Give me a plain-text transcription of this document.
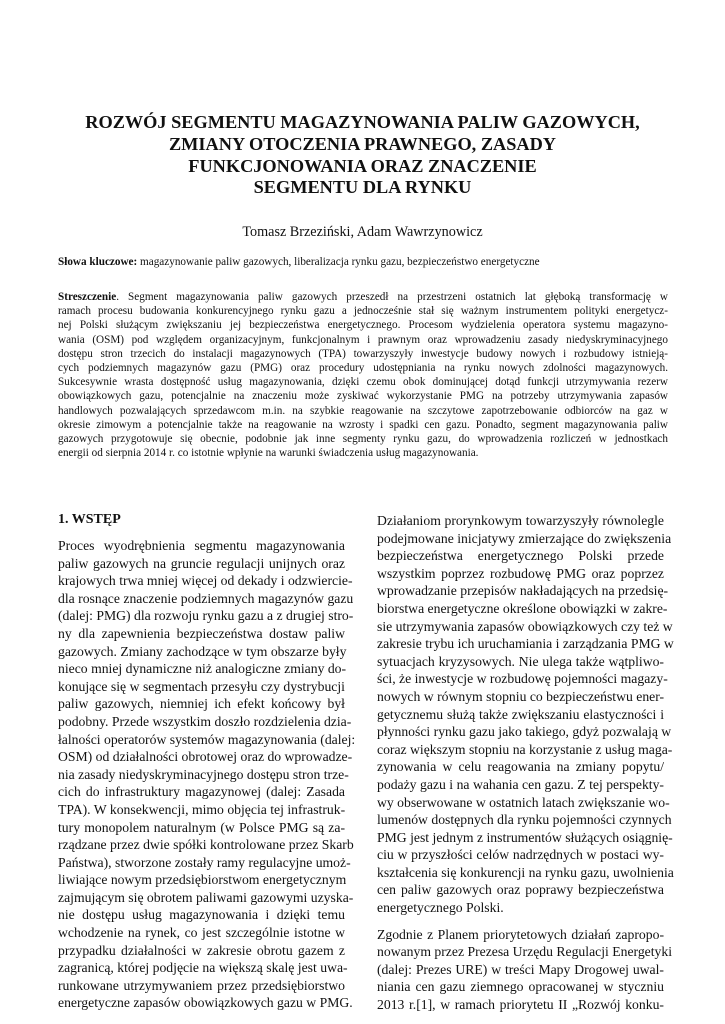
ROZWÓJ SEGMENTU MAGAZYNOWANIA PALIW GAZOWYCH,
ZMIANY OTOCZENIA PRAWNEGO, ZASADY
FUNKCJONOWANIA ORAZ ZNACZENIE
SEGMENTU DLA RYNKU
Tomasz Brzeziński, Adam Wawrzynowicz
Słowa kluczowe: magazynowanie paliw gazowych, liberalizacja rynku gazu, bezpieczeństwo energetyczne
Streszczenie. Segment magazynowania paliw gazowych przeszedł na przestrzeni ostatnich lat głęboką transformację w
ramach procesu budowania konkurencyjnego rynku gazu a jednocześnie stał się ważnym instrumentem polityki energetycz-
nej Polski służącym zwiększaniu jej bezpieczeństwa energetycznego. Procesom wydzielenia operatora systemu magazyno-
wania (OSM) pod względem organizacyjnym, funkcjonalnym i prawnym oraz wprowadzeniu zasady niedyskryminacyjnego
dostępu stron trzecich do instalacji magazynowych (TPA) towarzyszyły inwestycje budowy nowych i rozbudowy istnieją-
cych podziemnych magazynów gazu (PMG) oraz procedury udostępniania na rynku nowych zdolności magazynowych.
Sukcesywnie wrasta dostępność usług magazynowania, dzięki czemu obok dominującej dotąd funkcji utrzymywania rezerw
obowiązkowych gazu, potencjalnie na znaczeniu może zyskiwać wykorzystanie PMG na potrzeby utrzymywania zapasów
handlowych pozwalających sprzedawcom m.in. na szybkie reagowanie na szczytowe zapotrzebowanie odbiorców na gaz w
okresie zimowym a potencjalnie także na reagowanie na wzrosty i spadki cen gazu. Ponadto, segment magazynowania paliw
gazowych przygotowuje się obecnie, podobnie jak inne segmenty rynku gazu, do wprowadzenia rozliczeń w jednostkach
energii od sierpnia 2014 r. co istotnie wpłynie na warunki świadczenia usług magazynowania.
1. WSTĘP
Proces wyodrębnienia segmentu magazynowania
paliw gazowych na gruncie regulacji unijnych oraz
krajowych trwa mniej więcej od dekady i odzwiercie-
dla rosnące znaczenie podziemnych magazynów gazu
(dalej: PMG) dla rozwoju rynku gazu a z drugiej stro-
ny dla zapewnienia bezpieczeństwa dostaw paliw
gazowych. Zmiany zachodzące w tym obszarze były
nieco mniej dynamiczne niż analogiczne zmiany do-
konujące się w segmentach przesyłu czy dystrybucji
paliw gazowych, niemniej ich efekt końcowy był
podobny. Przede wszystkim doszło rozdzielenia dzia-
łalności operatorów systemów magazynowania (dalej:
OSM) od działalności obrotowej oraz do wprowadze-
nia zasady niedyskryminacyjnego dostępu stron trze-
cich do infrastruktury magazynowej (dalej: Zasada
TPA). W konsekwencji, mimo objęcia tej infrastruk-
tury monopolem naturalnym (w Polsce PMG są za-
rządzane przez dwie spółki kontrolowane przez Skarb
Państwa), stworzone zostały ramy regulacyjne umoż-
liwiające nowym przedsiębiorstwom energetycznym
zajmującym się obrotem paliwami gazowymi uzyska-
nie dostępu usług magazynowania i dzięki temu
wchodzenie na rynek, co jest szczególnie istotne w
przypadku działalności w zakresie obrotu gazem z
zagranicą, której podjęcie na większą skalę jest uwa-
runkowane utrzymywaniem przez przedsiębiorstwo
energetyczne zapasów obowiązkowych gazu w PMG.
Działaniom prorynkowym towarzyszyły równolegle
podejmowane inicjatywy zmierzające do zwiększenia
bezpieczeństwa energetycznego Polski przede
wszystkim poprzez rozbudowę PMG oraz poprzez
wprowadzanie przepisów nakładających na przedsię-
biorstwa energetyczne określone obowiązki w zakre-
sie utrzymywania zapasów obowiązkowych czy też w
zakresie trybu ich uruchamiania i zarządzania PMG w
sytuacjach kryzysowych. Nie ulega także wątpliwo-
ści, że inwestycje w rozbudowę pojemności magazy-
nowych w równym stopniu co bezpieczeństwu ener-
getycznemu służą także zwiększaniu elastyczności i
płynności rynku gazu jako takiego, gdyż pozwalają w
coraz większym stopniu na korzystanie z usług maga-
zynowania w celu reagowania na zmiany popytu/
podaży gazu i na wahania cen gazu. Z tej perspekty-
wy obserwowane w ostatnich latach zwiększanie wo-
lumenów dostępnych dla rynku pojemności czynnych
PMG jest jednym z instrumentów służących osiągnię-
ciu w przyszłości celów nadrzędnych w postaci wy-
kształcenia się konkurencji na rynku gazu, uwolnienia
cen paliw gazowych oraz poprawy bezpieczeństwa
energetycznego Polski.
Zgodnie z Planem priorytetowych działań zapropo-
nowanym przez Prezesa Urzędu Regulacji Energetyki
(dalej: Prezes URE) w treści Mapy Drogowej uwal-
niania cen gazu ziemnego opracowanej w styczniu
2013 r.[1], w ramach priorytetu II „Rozwój konku-
